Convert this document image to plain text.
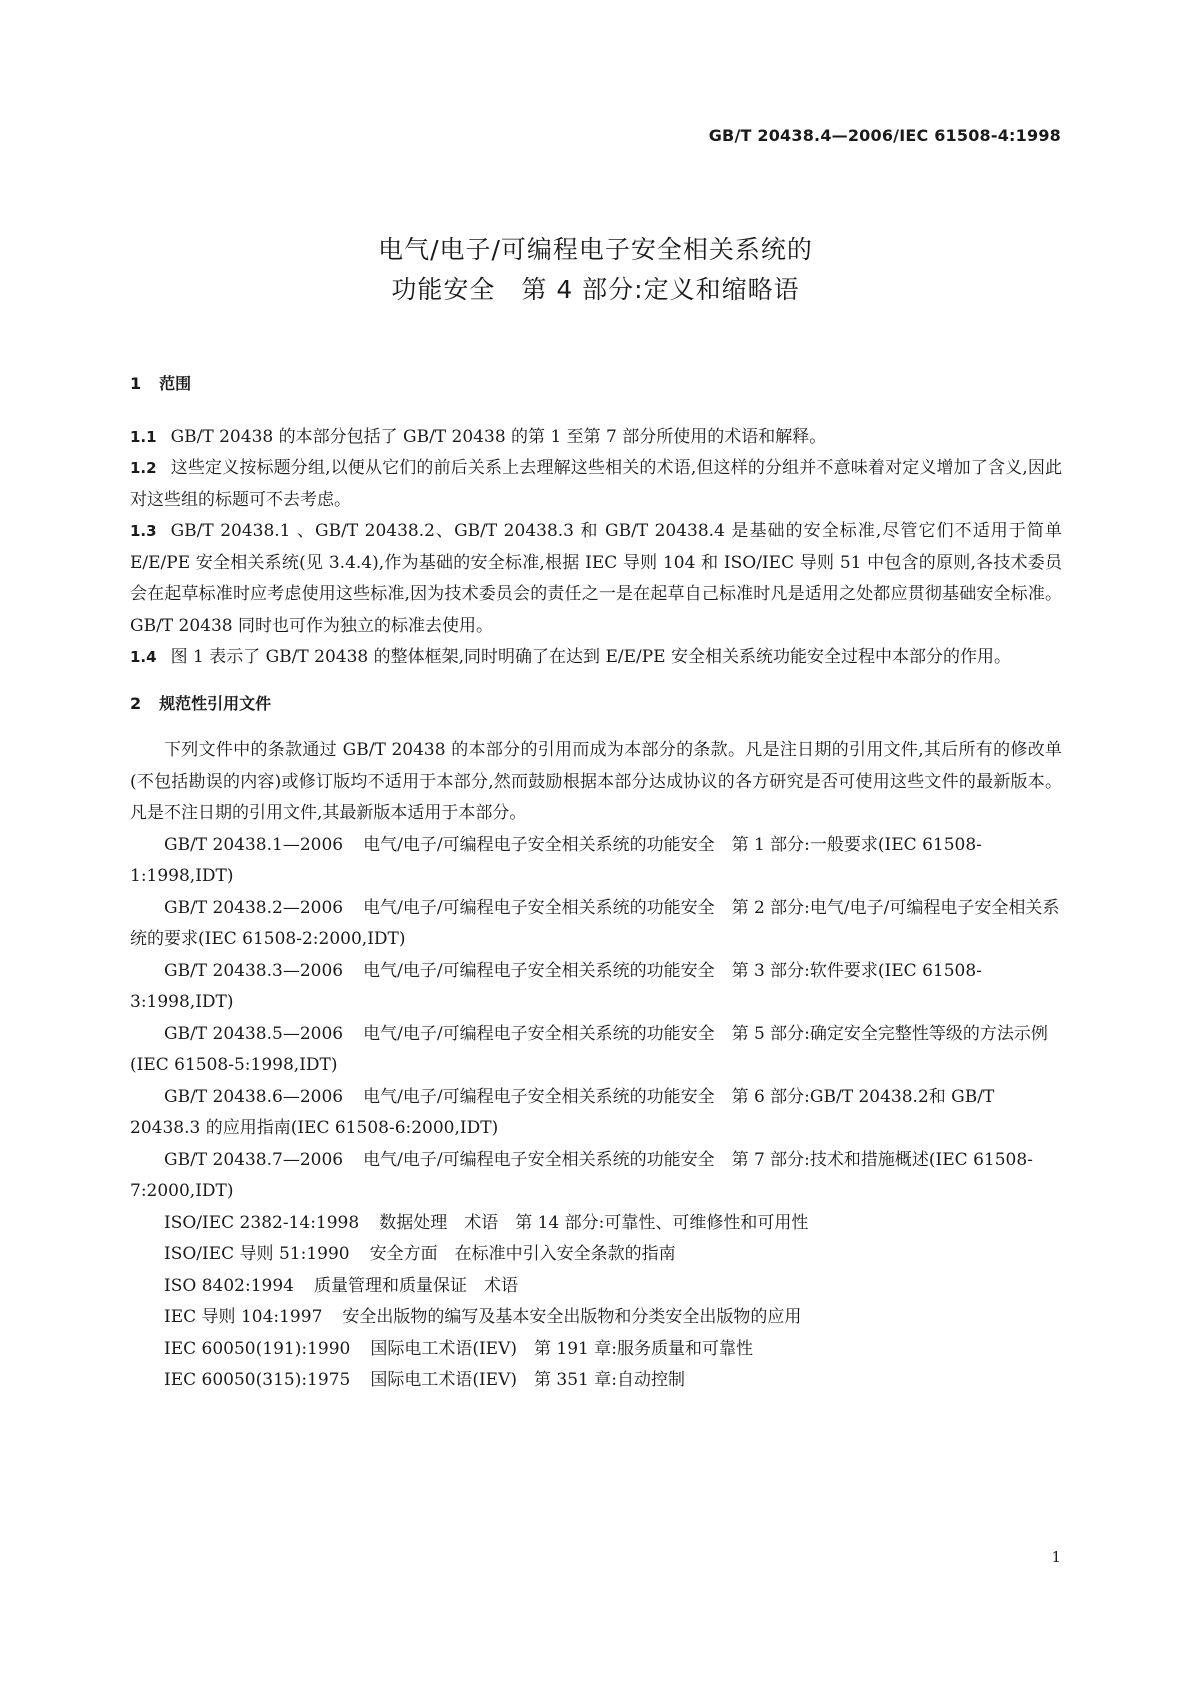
GB/T 20438.4—2006/IEC 61508-4:1998
电气/电子/可编程电子安全相关系统的
功能安全　第 4 部分:定义和缩略语
1 范围

1.1 GB/T 20438 的本部分包括了 GB/T 20438 的第 1 至第 7 部分所使用的术语和解释。

1.2 这些定义按标题分组,以便从它们的前后关系上去理解这些相关的术语,但这样的分组并不意味着对定义增加了含义,因此对这些组的标题可不去考虑。

1.3 GB/T 20438.1 、GB/T 20438.2、GB/T 20438.3 和 GB/T 20438.4 是基础的安全标准,尽管它们不适用于简单 E/E/PE 安全相关系统(见 3.4.4),作为基础的安全标准,根据 IEC 导则 104 和 ISO/IEC 导则 51 中包含的原则,各技术委员会在起草标准时应考虑使用这些标准,因为技术委员会的责任之一是在起草自己标准时凡是适用之处都应贯彻基础安全标准。GB/T 20438 同时也可作为独立的标准去使用。

1.4 图 1 表示了 GB/T 20438 的整体框架,同时明确了在达到 E/E/PE 安全相关系统功能安全过程中本部分的作用。

2 规范性引用文件

下列文件中的条款通过 GB/T 20438 的本部分的引用而成为本部分的条款。凡是注日期的引用文件,其后所有的修改单(不包括勘误的内容)或修订版均不适用于本部分,然而鼓励根据本部分达成协议的各方研究是否可使用这些文件的最新版本。凡是不注日期的引用文件,其最新版本适用于本部分。

GB/T 20438.1—2006 电气/电子/可编程电子安全相关系统的功能安全　第 1 部分:一般要求(IEC 61508-1:1998,IDT)

GB/T 20438.2—2006 电气/电子/可编程电子安全相关系统的功能安全　第 2 部分:电气/电子/可编程电子安全相关系统的要求(IEC 61508-2:2000,IDT)

GB/T 20438.3—2006 电气/电子/可编程电子安全相关系统的功能安全　第 3 部分:软件要求(IEC 61508-3:1998,IDT)

GB/T 20438.5—2006 电气/电子/可编程电子安全相关系统的功能安全　第 5 部分:确定安全完整性等级的方法示例(IEC 61508-5:1998,IDT)

GB/T 20438.6—2006 电气/电子/可编程电子安全相关系统的功能安全　第 6 部分:GB/T 20438.2和 GB/T 20438.3 的应用指南(IEC 61508-6:2000,IDT)

GB/T 20438.7—2006 电气/电子/可编程电子安全相关系统的功能安全　第 7 部分:技术和措施概述(IEC 61508-7:2000,IDT)

ISO/IEC 2382-14:1998 数据处理　术语　第 14 部分:可靠性、可维修性和可用性

ISO/IEC 导则 51:1990 安全方面　在标准中引入安全条款的指南

ISO 8402:1994 质量管理和质量保证　术语

IEC 导则 104:1997 安全出版物的编写及基本安全出版物和分类安全出版物的应用

IEC 60050(191):1990 国际电工术语(IEV)　第 191 章:服务质量和可靠性

IEC 60050(315):1975 国际电工术语(IEV)　第 351 章:自动控制

1
